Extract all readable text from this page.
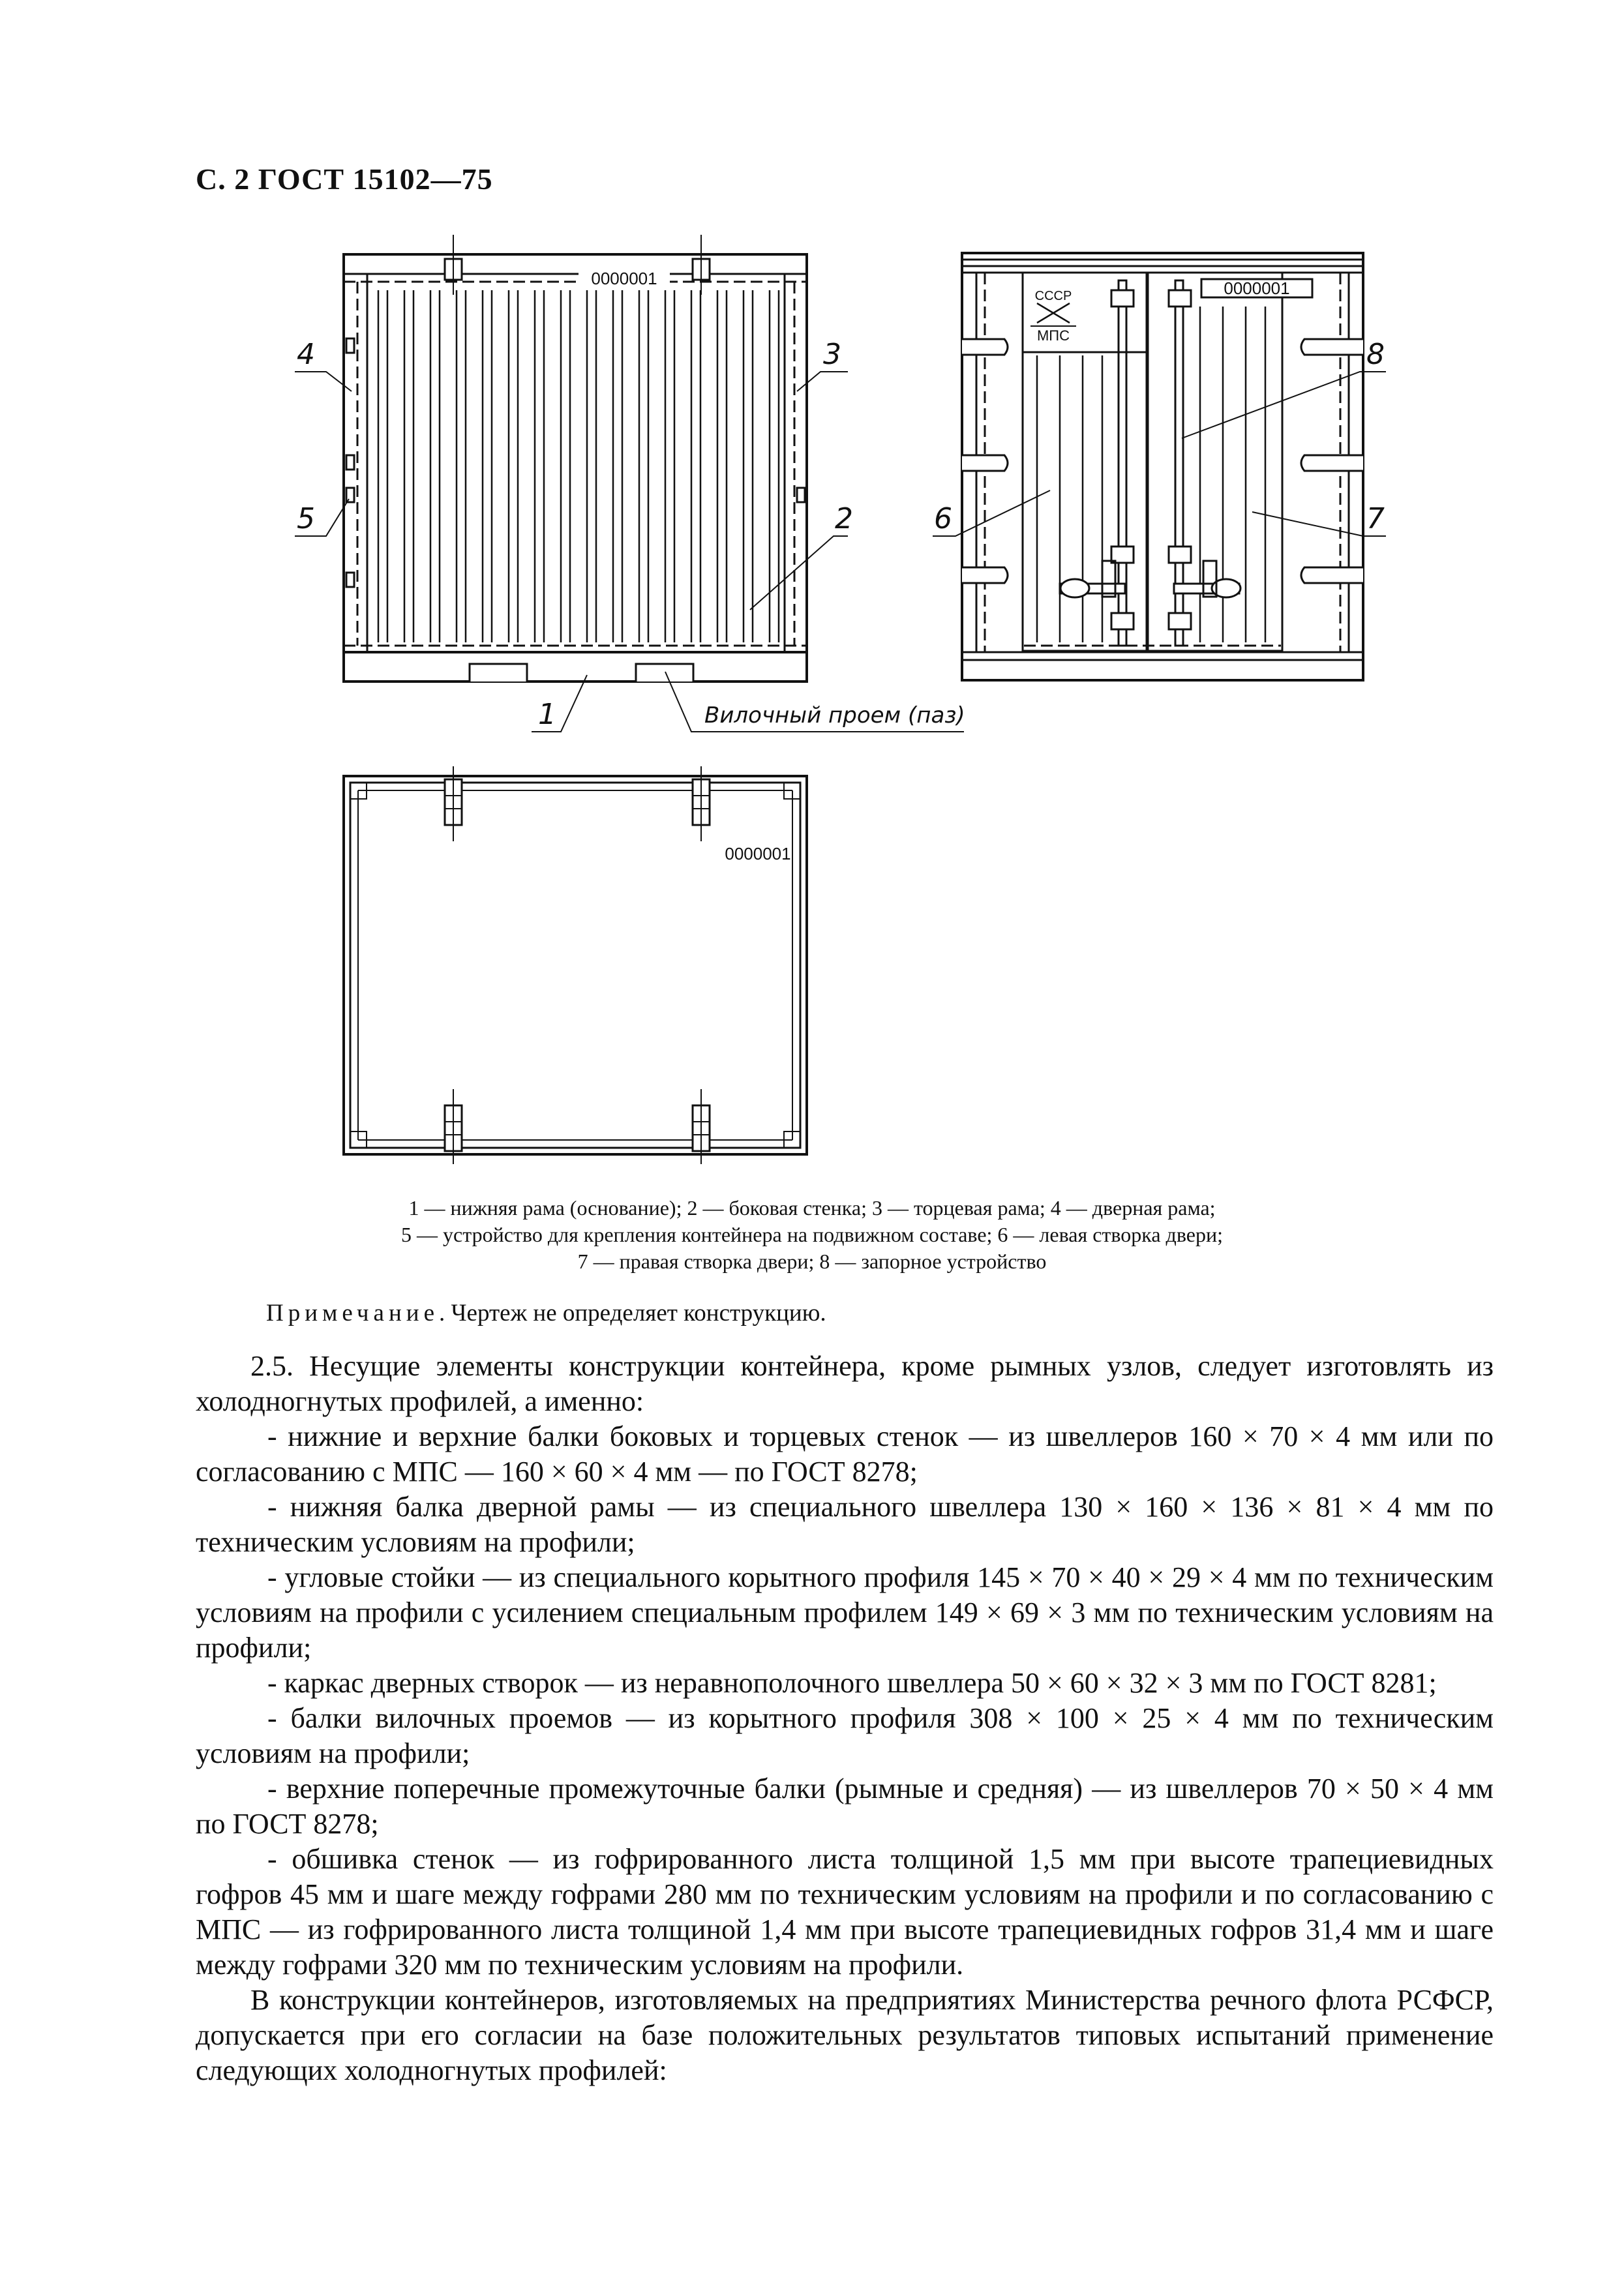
С. 2 ГОСТ 15102—75
0000001	0000001
0000001
СССР
МПС
Вилочный проем (паз)
1
2
3
4
5	6	7
8
1 — нижняя рама (основание); 2 — боковая стенка; 3 — торцевая рама; 4 — дверная рама;
5 — устройство для крепления контейнера на подвижном составе; 6 — левая створка двери;
7 — правая створка двери; 8 — запорное устройство
Примечание. Чертеж не определяет конструкцию.

2.5. Несущие элементы конструкции контейнера, кроме рымных узлов, следует изготовлять из холодногнутых профилей, а именно:

- нижние и верхние балки боковых и торцевых стенок — из швеллеров 160 × 70 × 4 мм или по согласованию с МПС — 160 × 60 × 4 мм — по ГОСТ 8278;

- нижняя балка дверной рамы — из специального швеллера 130 × 160 × 136 × 81 × 4 мм по техническим условиям на профили;

- угловые стойки — из специального корытного профиля 145 × 70 × 40 × 29 × 4 мм по техническим условиям на профили с усилением специальным профилем 149 × 69 × 3 мм по техническим условиям на профили;

- каркас дверных створок — из неравнополочного швеллера 50 × 60 × 32 × 3 мм по ГОСТ 8281;

- балки вилочных проемов — из корытного профиля 308 × 100 × 25 × 4 мм по техническим условиям на профили;

- верхние поперечные промежуточные балки (рымные и средняя) — из швеллеров 70 × 50 × 4 мм по ГОСТ 8278;

- обшивка стенок — из гофрированного листа толщиной 1,5 мм при высоте трапециевидных гофров 45 мм и шаге между гофрами 280 мм по техническим условиям на профили и по согласованию с МПС — из гофрированного листа толщиной 1,4 мм при высоте трапециевидных гофров 31,4 мм и шаге между гофрами 320 мм по техническим условиям на профили.

В конструкции контейнеров, изготовляемых на предприятиях Министерства речного флота РСФСР, допускается при его согласии на базе положительных результатов типовых испытаний применение следующих холодногнутых профилей:
